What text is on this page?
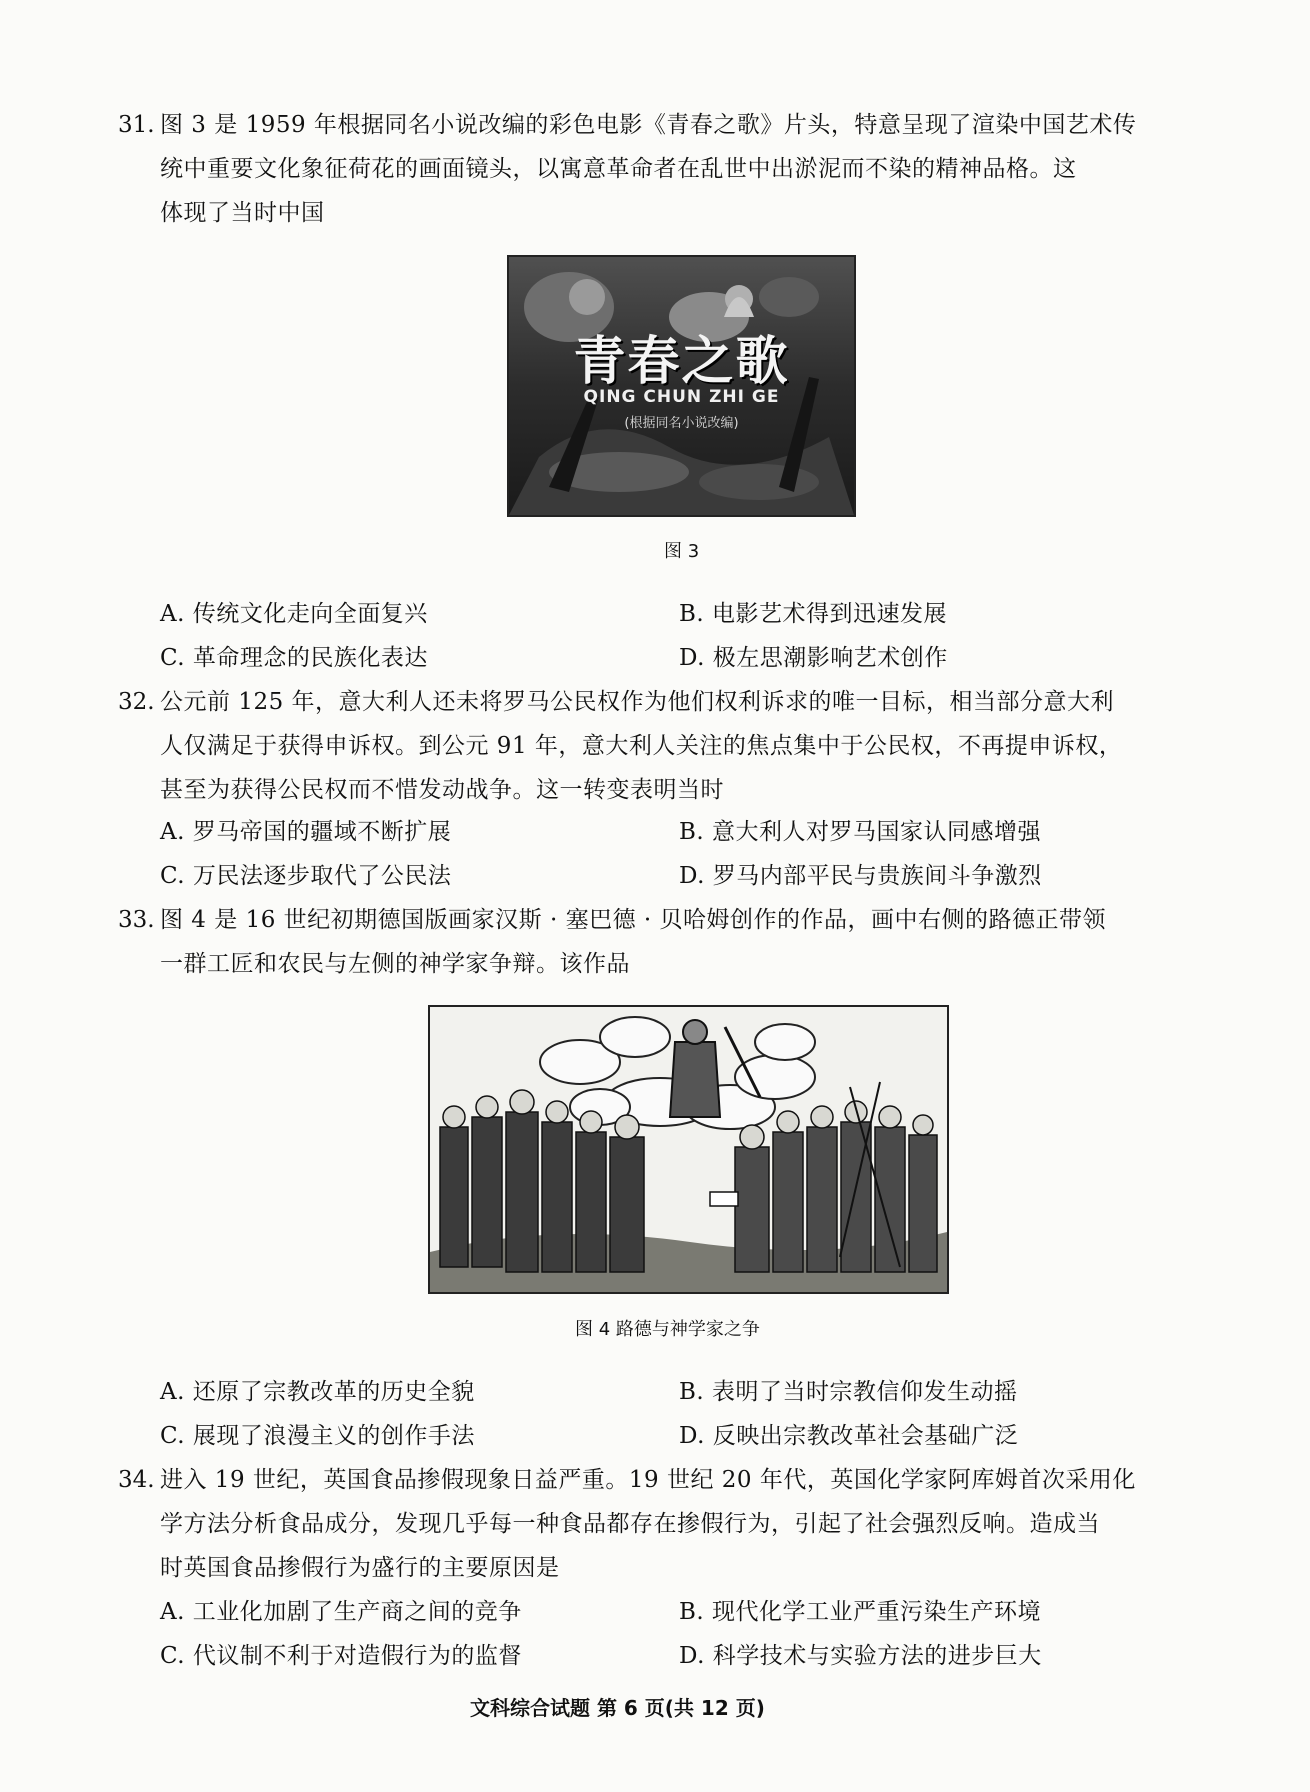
31. 图 3 是 1959 年根据同名小说改编的彩色电影《青春之歌》片头，特意呈现了渲染中国艺术传
统中重要文化象征荷花的画面镜头，以寓意革命者在乱世中出淤泥而不染的精神品格。这
体现了当时中国
青春之歌
QING CHUN ZHI GE
(根据同名小说改编)
图 3
A. 传统文化走向全面复兴	B. 电影艺术得到迅速发展
C. 革命理念的民族化表达	D. 极左思潮影响艺术创作
32. 公元前 125 年，意大利人还未将罗马公民权作为他们权利诉求的唯一目标，相当部分意大利
人仅满足于获得申诉权。到公元 91 年，意大利人关注的焦点集中于公民权，不再提申诉权，
甚至为获得公民权而不惜发动战争。这一转变表明当时
A. 罗马帝国的疆域不断扩展	B. 意大利人对罗马国家认同感增强
C. 万民法逐步取代了公民法	D. 罗马内部平民与贵族间斗争激烈
33. 图 4 是 16 世纪初期德国版画家汉斯 · 塞巴德 · 贝哈姆创作的作品，画中右侧的路德正带领
一群工匠和农民与左侧的神学家争辩。该作品
图 4 路德与神学家之争
A. 还原了宗教改革的历史全貌	B. 表明了当时宗教信仰发生动摇
C. 展现了浪漫主义的创作手法	D. 反映出宗教改革社会基础广泛
34. 进入 19 世纪，英国食品掺假现象日益严重。19 世纪 20 年代，英国化学家阿库姆首次采用化
学方法分析食品成分，发现几乎每一种食品都存在掺假行为，引起了社会强烈反响。造成当
时英国食品掺假行为盛行的主要原因是
A. 工业化加剧了生产商之间的竞争	B. 现代化学工业严重污染生产环境
C. 代议制不利于对造假行为的监督	D. 科学技术与实验方法的进步巨大
文科综合试题 第 6 页(共 12 页)
